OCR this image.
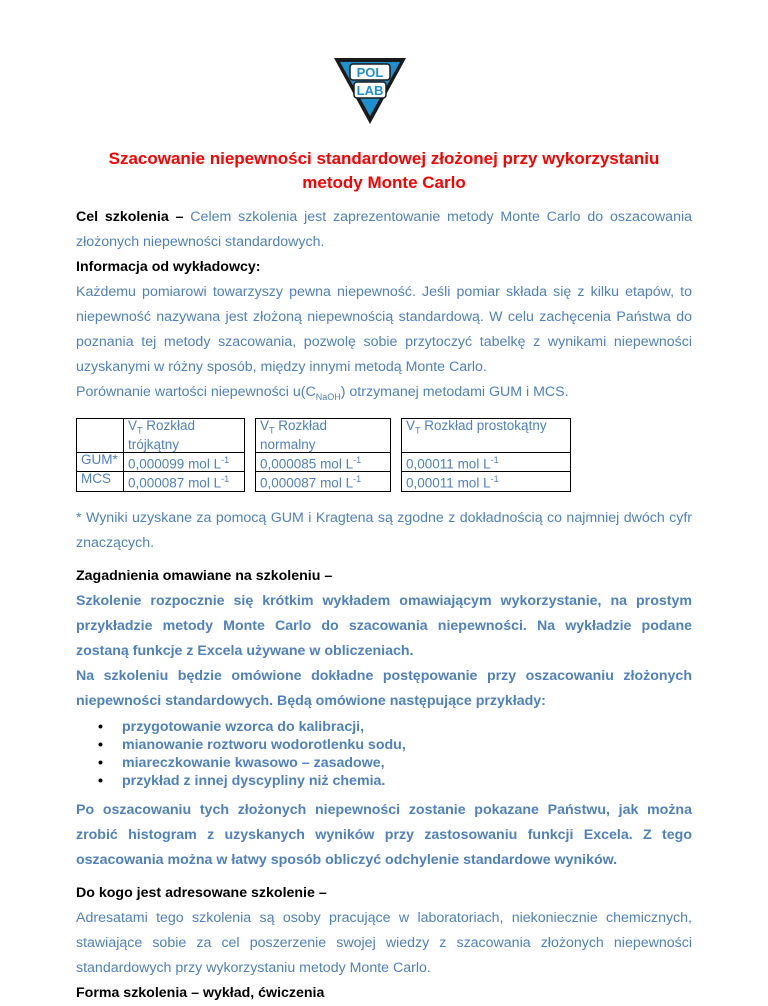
POL
LAB
Szacowanie niepewności standardowej złożonej przy wykorzystaniu
metody Monte Carlo

Cel szkolenia – Celem szkolenia jest zaprezentowanie metody Monte Carlo do oszacowania złożonych niepewności standardowych.

Informacja od wykładowcy:

Każdemu pomiarowi towarzyszy pewna niepewność. Jeśli pomiar składa się z kilku etapów, to niepewność nazywana jest złożoną niepewnością standardową. W celu zachęcenia Państwa do poznania tej metody szacowania, pozwolę sobie przytoczyć tabelkę z wynikami niepewności uzyskanymi w różny sposób, między innymi metodą Monte Carlo.

Porównanie wartości niepewności $u(C_{NaOH})$ otrzymanej metodami GUM i MCS.

	$V_T$ Rozkład trójkątny		$V_T$ Rozkład normalny		$V_T$ Rozkład prostokątny
GUM*	0,000099 mol $L^{-1}$		0,000085 mol $L^{-1}$		0,00011 mol $L^{-1}$
MCS	0,000087 mol $L^{-1}$		0,000087 mol $L^{-1}$		0,00011 mol $L^{-1}$

* Wyniki uzyskane za pomocą GUM i Kragtena są zgodne z dokładnością co najmniej dwóch cyfr znaczących.

Zagadnienia omawiane na szkoleniu –

Szkolenie rozpocznie się krótkim wykładem omawiającym wykorzystanie, na prostym przykładzie metody Monte Carlo do szacowania niepewności. Na wykładzie podane zostaną funkcje z Excela używane w obliczeniach.

Na szkoleniu będzie omówione dokładne postępowanie przy oszacowaniu złożonych niepewności standardowych. Będą omówione następujące przykłady:

• przygotowanie wzorca do kalibracji,
• mianowanie roztworu wodorotlenku sodu,
• miareczkowanie kwasowo – zasadowe,
• przykład z innej dyscypliny niż chemia.

Po oszacowaniu tych złożonych niepewności zostanie pokazane Państwu, jak można zrobić histogram z uzyskanych wyników przy zastosowaniu funkcji Excela. Z tego oszacowania można w łatwy sposób obliczyć odchylenie standardowe wyników.

Do kogo jest adresowane szkolenie –

Adresatami tego szkolenia są osoby pracujące w laboratoriach, niekoniecznie chemicznych, stawiające sobie za cel poszerzenie swojej wiedzy z szacowania złożonych niepewności standardowych przy wykorzystaniu metody Monte Carlo.

Forma szkolenia – wykład, ćwiczenia
